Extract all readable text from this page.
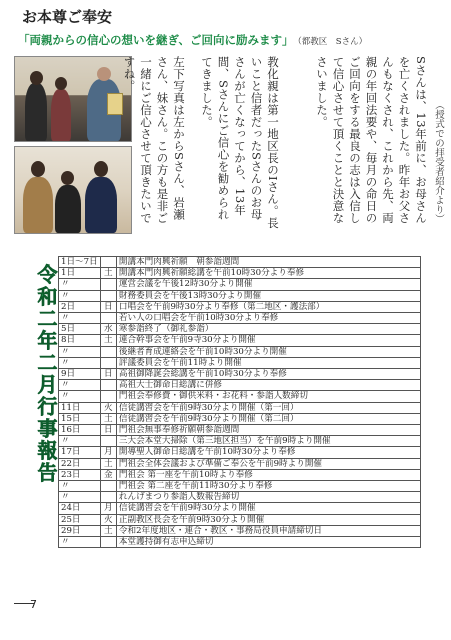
お本尊ご奉安
「両親からの信心の想いを継ぎ、ご回向に励みます」 （都教区　Sさん）
Sさんは、13年前に、お母さんを亡くされました。昨年お父さんもなくされ、これから先、両親の年回法要や、毎月の命日のご回向をする最良の志は入信して信心させて頂くことと決意なさいました。
（授式での拝受者紹介より）
教化親は第一地区長のIさん。長いこと信者だったSさんのお母さんが亡くなってから、13年間、Sさんにご信心を勧められてきました。
左下写真は左からSさん、岩瀬さん、妹さん。この方も是非ご一緒にご信心させて頂きたいですね。
令和二年二月行事報告
1日〜7日		開講本門肉興祈願　朝参詣週間
1日	土	開講本門肉興祈願総講を午前10時30分より奉修
〃		運営会議を午後12時30分より開催
〃		財務委員会を午後13時30分より開催
2日	日	口唱会を午前9時30分より奉修（第二地区・護法部）
〃		若い人の口唱会を午前10時30分より奉修
5日	水	寒参詣終了（御礼参詣）
8日	土	連合幹事会を午前9寺30分より開催
〃		後継者育成連絡会を午前10時30分より開催
〃		評議委員会を午前11時より開催
9日	日	高祖御降誕会総講を午前10時30分より奉修
〃		高祖大士御命日総講に併修
〃		門祖会奉修費・御供米料・お花料・参詣人数締切
11日	火	信徒講習会を午前9時30分より開催（第一回）
15日	土	信徒講習会を午前9時30分より開催（第二回）
16日	日	門祖会無事奉修祈願朝参詣週間
〃		三大会本堂大掃除（第三地区担当）を午前9時より開催
17日	月	開導聖人御命日総講を午前10時30分より奉修
22日	土	門祖会全体会議および準備ご奉公を午前9時より開催
23日	金	門祖会 第一座を午前10時より奉修
〃		門祖会 第二座を午前11時30分より奉修
〃		れんげまつり参詣人数報告締切
24日	月	信徒講習会を午前9時30分より開催
25日	火	正副教区長会を午前9時30分より開催
29日	土	令和2年度地区・連合・教区・事務局役員申請締切日
〃		本堂護持御有志申込締切
7
